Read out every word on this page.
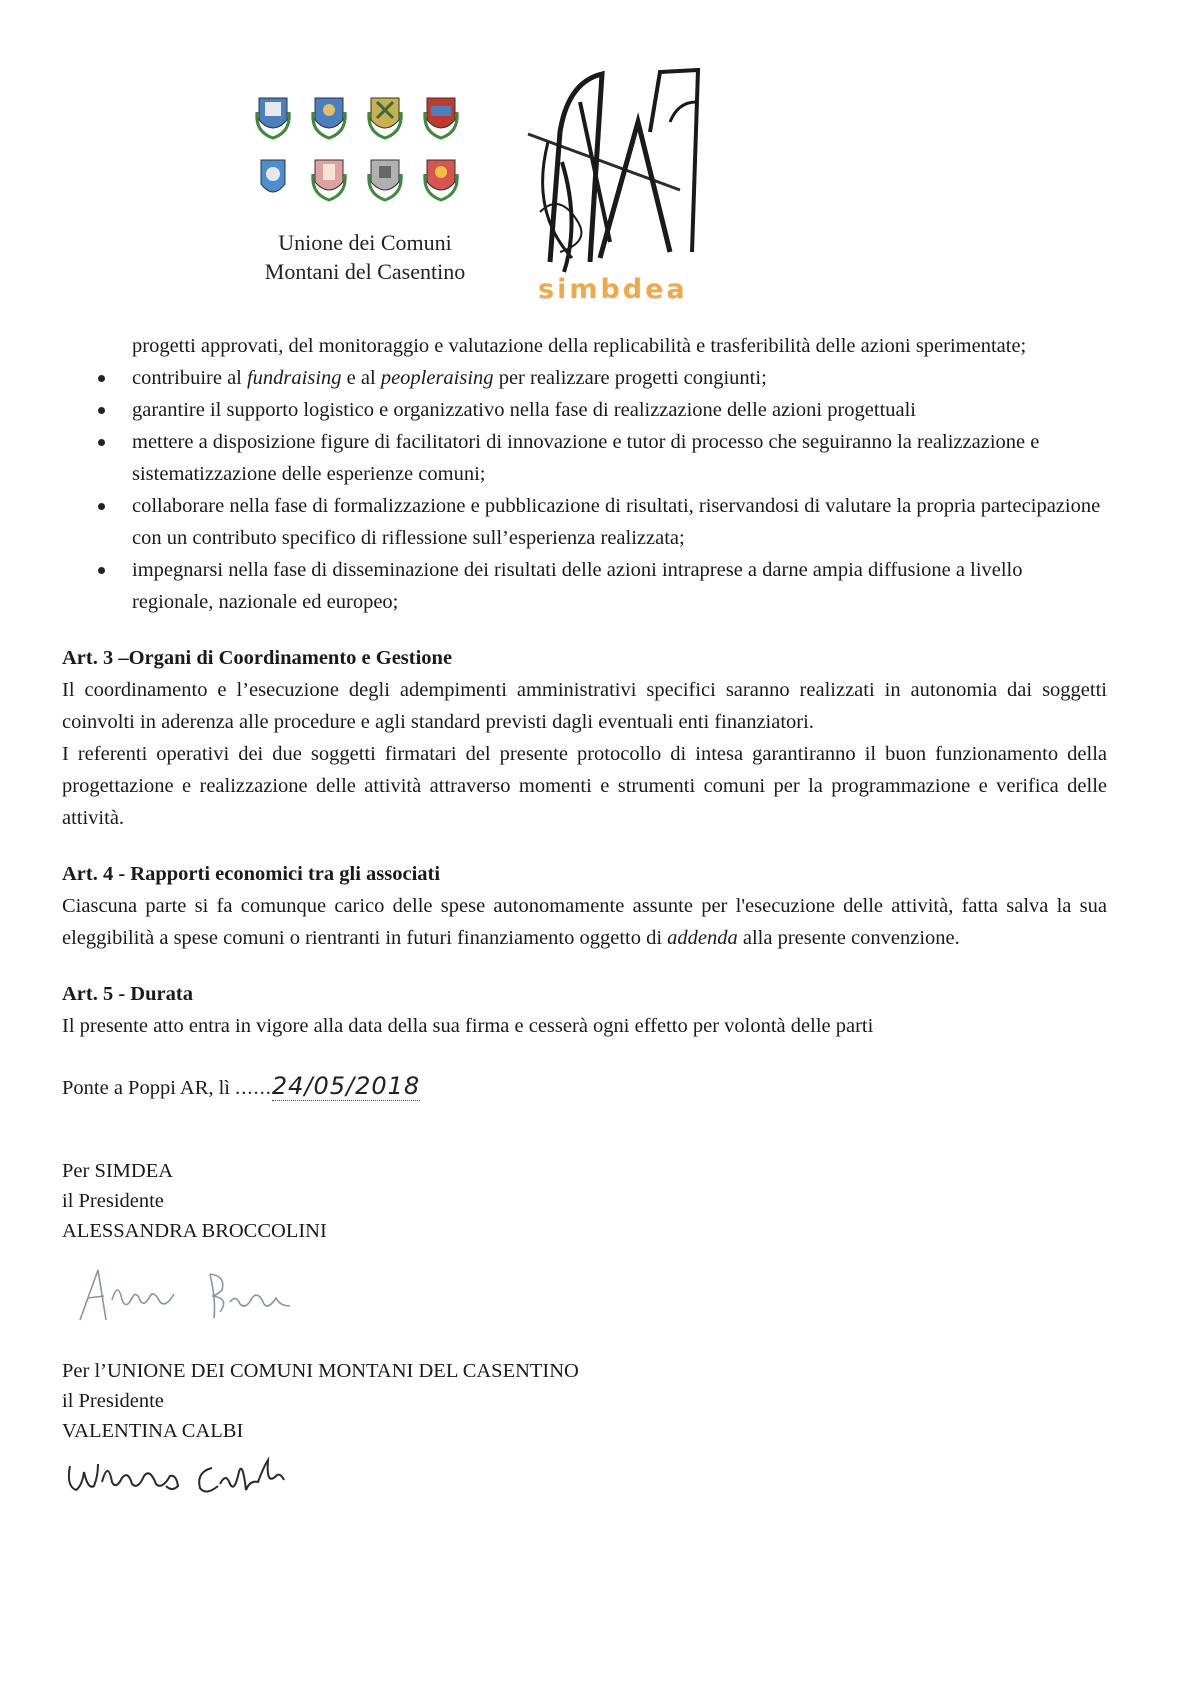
Unione dei Comuni
Montani del Casentino
simbdea
progetti approvati, del monitoraggio e valutazione della replicabilità e trasferibilità delle azioni sperimentate;
contribuire al fundraising e al peopleraising per realizzare progetti congiunti;
garantire il supporto logistico e organizzativo nella fase di realizzazione delle azioni progettuali
mettere a disposizione figure di facilitatori di innovazione e tutor di processo che seguiranno la realizzazione e sistematizzazione delle esperienze comuni;
collaborare nella fase di formalizzazione e pubblicazione di risultati, riservandosi di valutare la propria partecipazione con un contributo specifico di riflessione sull’esperienza realizzata;
impegnarsi nella fase di disseminazione dei risultati delle azioni intraprese a darne ampia diffusione a livello regionale, nazionale ed europeo;
Art. 3 –Organi di Coordinamento e Gestione
Il coordinamento e l’esecuzione degli adempimenti amministrativi specifici saranno realizzati in autonomia dai soggetti coinvolti in aderenza alle procedure e agli standard previsti dagli eventuali enti finanziatori.
I referenti operativi dei due soggetti firmatari del presente protocollo di intesa garantiranno il buon funzionamento della progettazione e realizzazione delle attività attraverso momenti e strumenti comuni per la programmazione e verifica delle attività.
Art. 4 - Rapporti economici tra gli associati
Ciascuna parte si fa comunque carico delle spese autonomamente assunte per l'esecuzione delle attività, fatta salva la sua eleggibilità a spese comuni o rientranti in futuri finanziamento oggetto di addenda alla presente convenzione.
Art. 5 - Durata
Il presente atto entra in vigore alla data della sua firma e cesserà ogni effetto per volontà delle parti
Ponte a Poppi AR, lì ......24/05/2018
Per SIMDEA
il Presidente
ALESSANDRA BROCCOLINI
Per l’UNIONE DEI COMUNI MONTANI DEL CASENTINO
il Presidente
VALENTINA CALBI
